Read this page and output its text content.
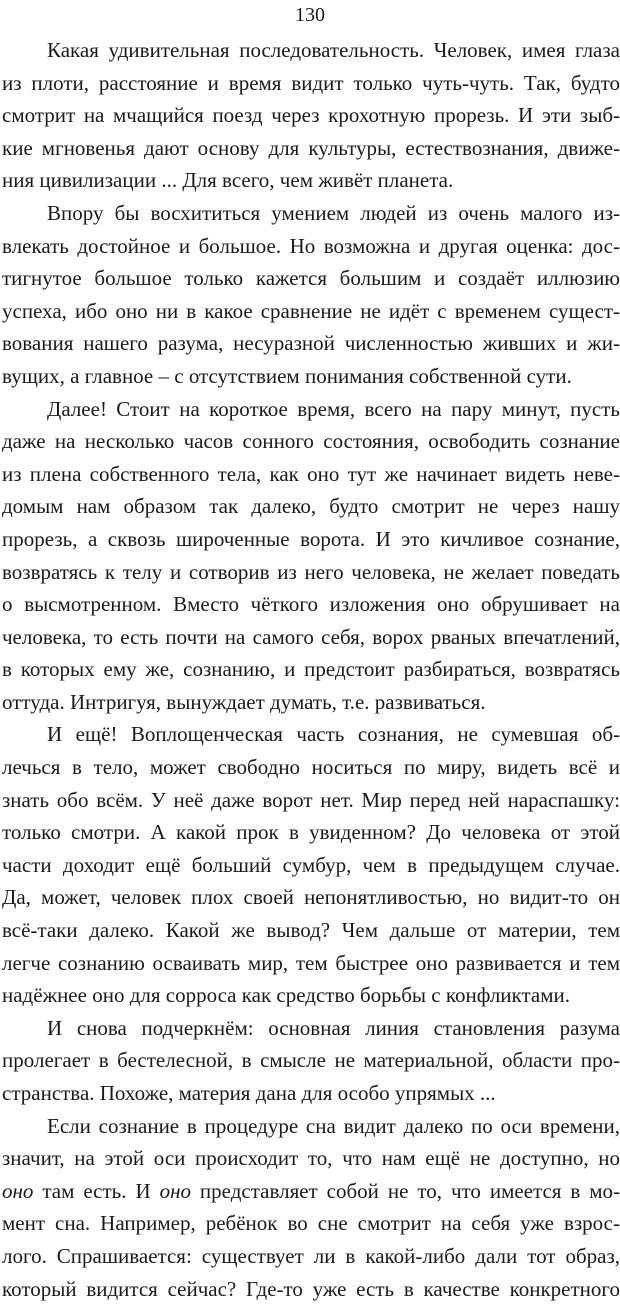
130
Какая удивительная последовательность. Человек, имея глаза
из плоти, расстояние и время видит только чуть-чуть. Так, будто
смотрит на мчащийся поезд через крохотную прорезь. И эти зыб-
кие мгновенья дают основу для культуры, естествознания, движе-
ния цивилизации ... Для всего, чем живёт планета.
Впору бы восхититься умением людей из очень малого из-
влекать достойное и большое. Но возможна и другая оценка: дос-
тигнутое большое только кажется большим и создаёт иллюзию
успеха, ибо оно ни в какое сравнение не идёт с временем сущест-
вования нашего разума, несуразной численностью живших и жи-
вущих, а главное – с отсутствием понимания собственной сути.
Далее! Стоит на короткое время, всего на пару минут, пусть
даже на несколько часов сонного состояния, освободить сознание
из плена собственного тела, как оно тут же начинает видеть неве-
домым нам образом так далеко, будто смотрит не через нашу
прорезь, а сквозь широченные ворота. И это кичливое сознание,
возвратясь к телу и сотворив из него человека, не желает поведать
о высмотренном. Вместо чёткого изложения оно обрушивает на
человека, то есть почти на самого себя, ворох рваных впечатлений,
в которых ему же, сознанию, и предстоит разбираться, возвратясь
оттуда. Интригуя, вынуждает думать, т.е. развиваться.
И ещё! Воплощенческая часть сознания, не сумевшая об-
лечься в тело, может свободно носиться по миру, видеть всё и
знать обо всём. У неё даже ворот нет. Мир перед ней нараспашку:
только смотри. А какой прок в увиденном? До человека от этой
части доходит ещё больший сумбур, чем в предыдущем случае.
Да, может, человек плох своей непонятливостью, но видит-то он
всё-таки далеко. Какой же вывод? Чем дальше от материи, тем
легче сознанию осваивать мир, тем быстрее оно развивается и тем
надёжнее оно для сорроса как средство борьбы с конфликтами.
И снова подчеркнём: основная линия становления разума
пролегает в бестелесной, в смысле не материальной, области про-
странства. Похоже, материя дана для особо упрямых ...
Если сознание в процедуре сна видит далеко по оси времени,
значит, на этой оси происходит то, что нам ещё не доступно, но
оно там есть. И оно представляет собой не то, что имеется в мо-
мент сна. Например, ребёнок во сне смотрит на себя уже взрос-
лого. Спрашивается: существует ли в какой-либо дали тот образ,
который видится сейчас? Где-то уже есть в качестве конкретного
